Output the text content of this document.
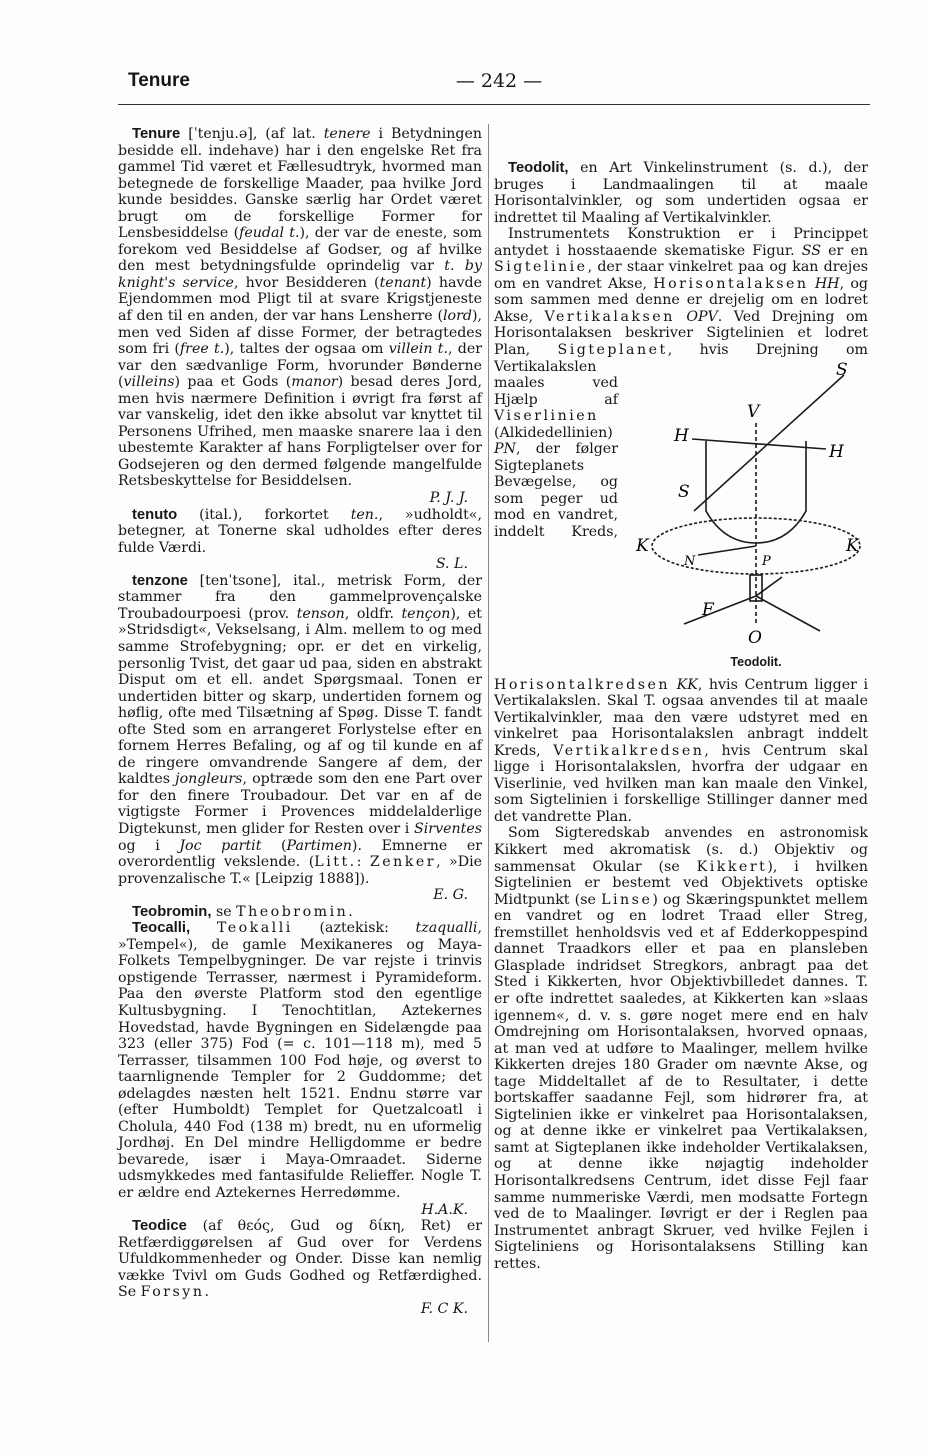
Tenure	— 242 —

Tenure [ˈtenju.ə], (af lat. tenere i Betydningen besidde ell. indehave) har i den engelske Ret fra gammel Tid været et Fællesudtryk, hvormed man betegnede de forskellige Maader, paa hvilke Jord kunde besiddes. Ganske særlig har Ordet været brugt om de forskellige Former for Lensbesiddelse (feudal t.), der var de eneste, som forekom ved Besiddelse af Godser, og af hvilke den mest betydningsfulde oprindelig var t. by knight's service, hvor Besidderen (tenant) havde Ejendommen mod Pligt til at svare Krigstjeneste af den til en anden, der var hans Lensherre (lord), men ved Siden af disse Former, der betragtedes som fri (free t.), taltes der ogsaa om villein t., der var den sædvanlige Form, hvorunder Bønderne (villeins) paa et Gods (manor) besad deres Jord, men hvis nærmere Definition i øvrigt fra først af var vanskelig, idet den ikke absolut var knyttet til Personens Ufrihed, men maaske snarere laa i den ubestemte Karakter af hans Forpligtelser over for Godsejeren og den dermed følgende mangelfulde Retsbeskyttelse for Besiddelsen.
P. J. J.

tenuto (ital.), forkortet ten., »udholdt«, betegner, at Tonerne skal udholdes efter deres fulde Værdi.
S. L.

tenzone [tenˈtsone], ital., metrisk Form, der stammer fra den gammelprovençalske Troubadourpoesi (prov. tenson, oldfr. tençon), et »Stridsdigt«, Vekselsang, i Alm. mellem to og med samme Strofebygning; opr. er det en virkelig, personlig Tvist, det gaar ud paa, siden en abstrakt Disput om et ell. andet Spørgsmaal. Tonen er undertiden bitter og skarp, undertiden fornem og høflig, ofte med Tilsætning af Spøg. Disse T. fandt ofte Sted som en arrangeret Forlystelse efter en fornem Herres Befaling, og af og til kunde en af de ringere omvandrende Sangere af dem, der kaldtes jongleurs, optræde som den ene Part over for den finere Troubadour. Det var en af de vigtigste Former i Provences middelalderlige Digtekunst, men glider for Resten over i Sirventes og i Joc partit (Partimen). Emnerne er overordentlig vekslende. (Litt.: Zenker, »Die provenzalische T.« [Leipzig 1888]).
E. G.

Teobromin, se Theobromin.

Teocalli, Teokalli (aztekisk: tzaqualli, »Tempel«), de gamle Mexikaneres og Maya-Folkets Tempelbygninger. De var rejste i trinvis opstigende Terrasser, nærmest i Pyramideform. Paa den øverste Platform stod den egentlige Kultusbygning. I Tenochtitlan, Aztekernes Hovedstad, havde Bygningen en Sidelængde paa 323 (eller 375) Fod (= c. 101—118 m), med 5 Terrasser, tilsammen 100 Fod høje, og øverst to taarnlignende Templer for 2 Guddomme; det ødelagdes næsten helt 1521. Endnu større var (efter Humboldt) Templet for Quetzalcoatl i Cholula, 440 Fod (138 m) bredt, nu en uformelig Jordhøj. En Del mindre Helligdomme er bedre bevarede, især i Maya-Omraadet. Siderne udsmykkedes med fantasifulde Relieffer. Nogle T. er ældre end Aztekernes Herredømme.
H.A.K.

Teodice (af θεός, Gud og δίκη, Ret) er Retfærdiggørelsen af Gud over for Verdens Ufuldkommenheder og Onder. Disse kan nemlig vække Tvivl om Guds Godhed og Retfærdighed. Se Forsyn.
F. C K.

Teodolit, en Art Vinkelinstrument (s. d.), der bruges i Landmaalingen til at maale Horisontalvinkler, og som undertiden ogsaa er indrettet til Maaling af Vertikalvinkler.

Instrumentets Konstruktion er i Princippet antydet i hosstaaende skematiske Figur. SS er en Sigtelinie, der staar vinkelret paa og kan drejes om en vandret Akse, Horisontalaksen HH, og som sammen med denne er drejelig om en lodret Akse, Vertikalaksen OPV. Ved Drejning om Horisontalaksen beskriver Sigtelinien et lodret Plan, Sigteplanet
S
V
H
H
S
K	K
N	P
F
O
Teodolit.
, hvis Drejning om Vertikalakslen maales ved Hjælp af Viserlinien (Alkidedellinien) PN, der følger Sigteplanets Bevægelse, og som peger ud mod en vandret, inddelt Kreds, Horisontalkredsen KK, hvis Centrum ligger i Vertikalakslen. Skal T. ogsaa anvendes til at maale Vertikalvinkler, maa den være udstyret med en vinkelret paa Horisontalakslen anbragt inddelt Kreds, Vertikalkredsen, hvis Centrum skal ligge i Horisontalakslen, hvorfra der udgaar en Viserlinie, ved hvilken man kan maale den Vinkel, som Sigtelinien i forskellige Stillinger danner med det vandrette Plan.

Som Sigteredskab anvendes en astronomisk Kikkert med akromatisk (s. d.) Objektiv og sammensat Okular (se Kikkert), i hvilken Sigtelinien er bestemt ved Objektivets optiske Midtpunkt (se Linse) og Skæringspunktet mellem en vandret og en lodret Traad eller Streg, fremstillet henholdsvis ved et af Edderkoppespind dannet Traadkors eller et paa en plansleben Glasplade indridset Stregkors, anbragt paa det Sted i Kikkerten, hvor Objektivbilledet dannes. T. er ofte indrettet saaledes, at Kikkerten kan »slaas igennem«, d. v. s. gøre noget mere end en halv Omdrejning om Horisontalaksen, hvorved opnaas, at man ved at udføre to Maalinger, mellem hvilke Kikkerten drejes 180 Grader om nævnte Akse, og tage Middeltallet af de to Resultater, i dette bortskaffer saadanne Fejl, som hidrører fra, at Sigtelinien ikke er vinkelret paa Horisontalaksen, og at denne ikke er vinkelret paa Vertikalaksen, samt at Sigteplanen ikke indeholder Vertikalaksen, og at denne ikke nøjagtig indeholder Horisontalkredsens Centrum, idet disse Fejl faar samme nummeriske Værdi, men modsatte Fortegn ved de to Maalinger. Iøvrigt er der i Reglen paa Instrumentet anbragt Skruer, ved hvilke Fejlen i Sigteliniens og Horisontalaksens Stilling kan rettes.
